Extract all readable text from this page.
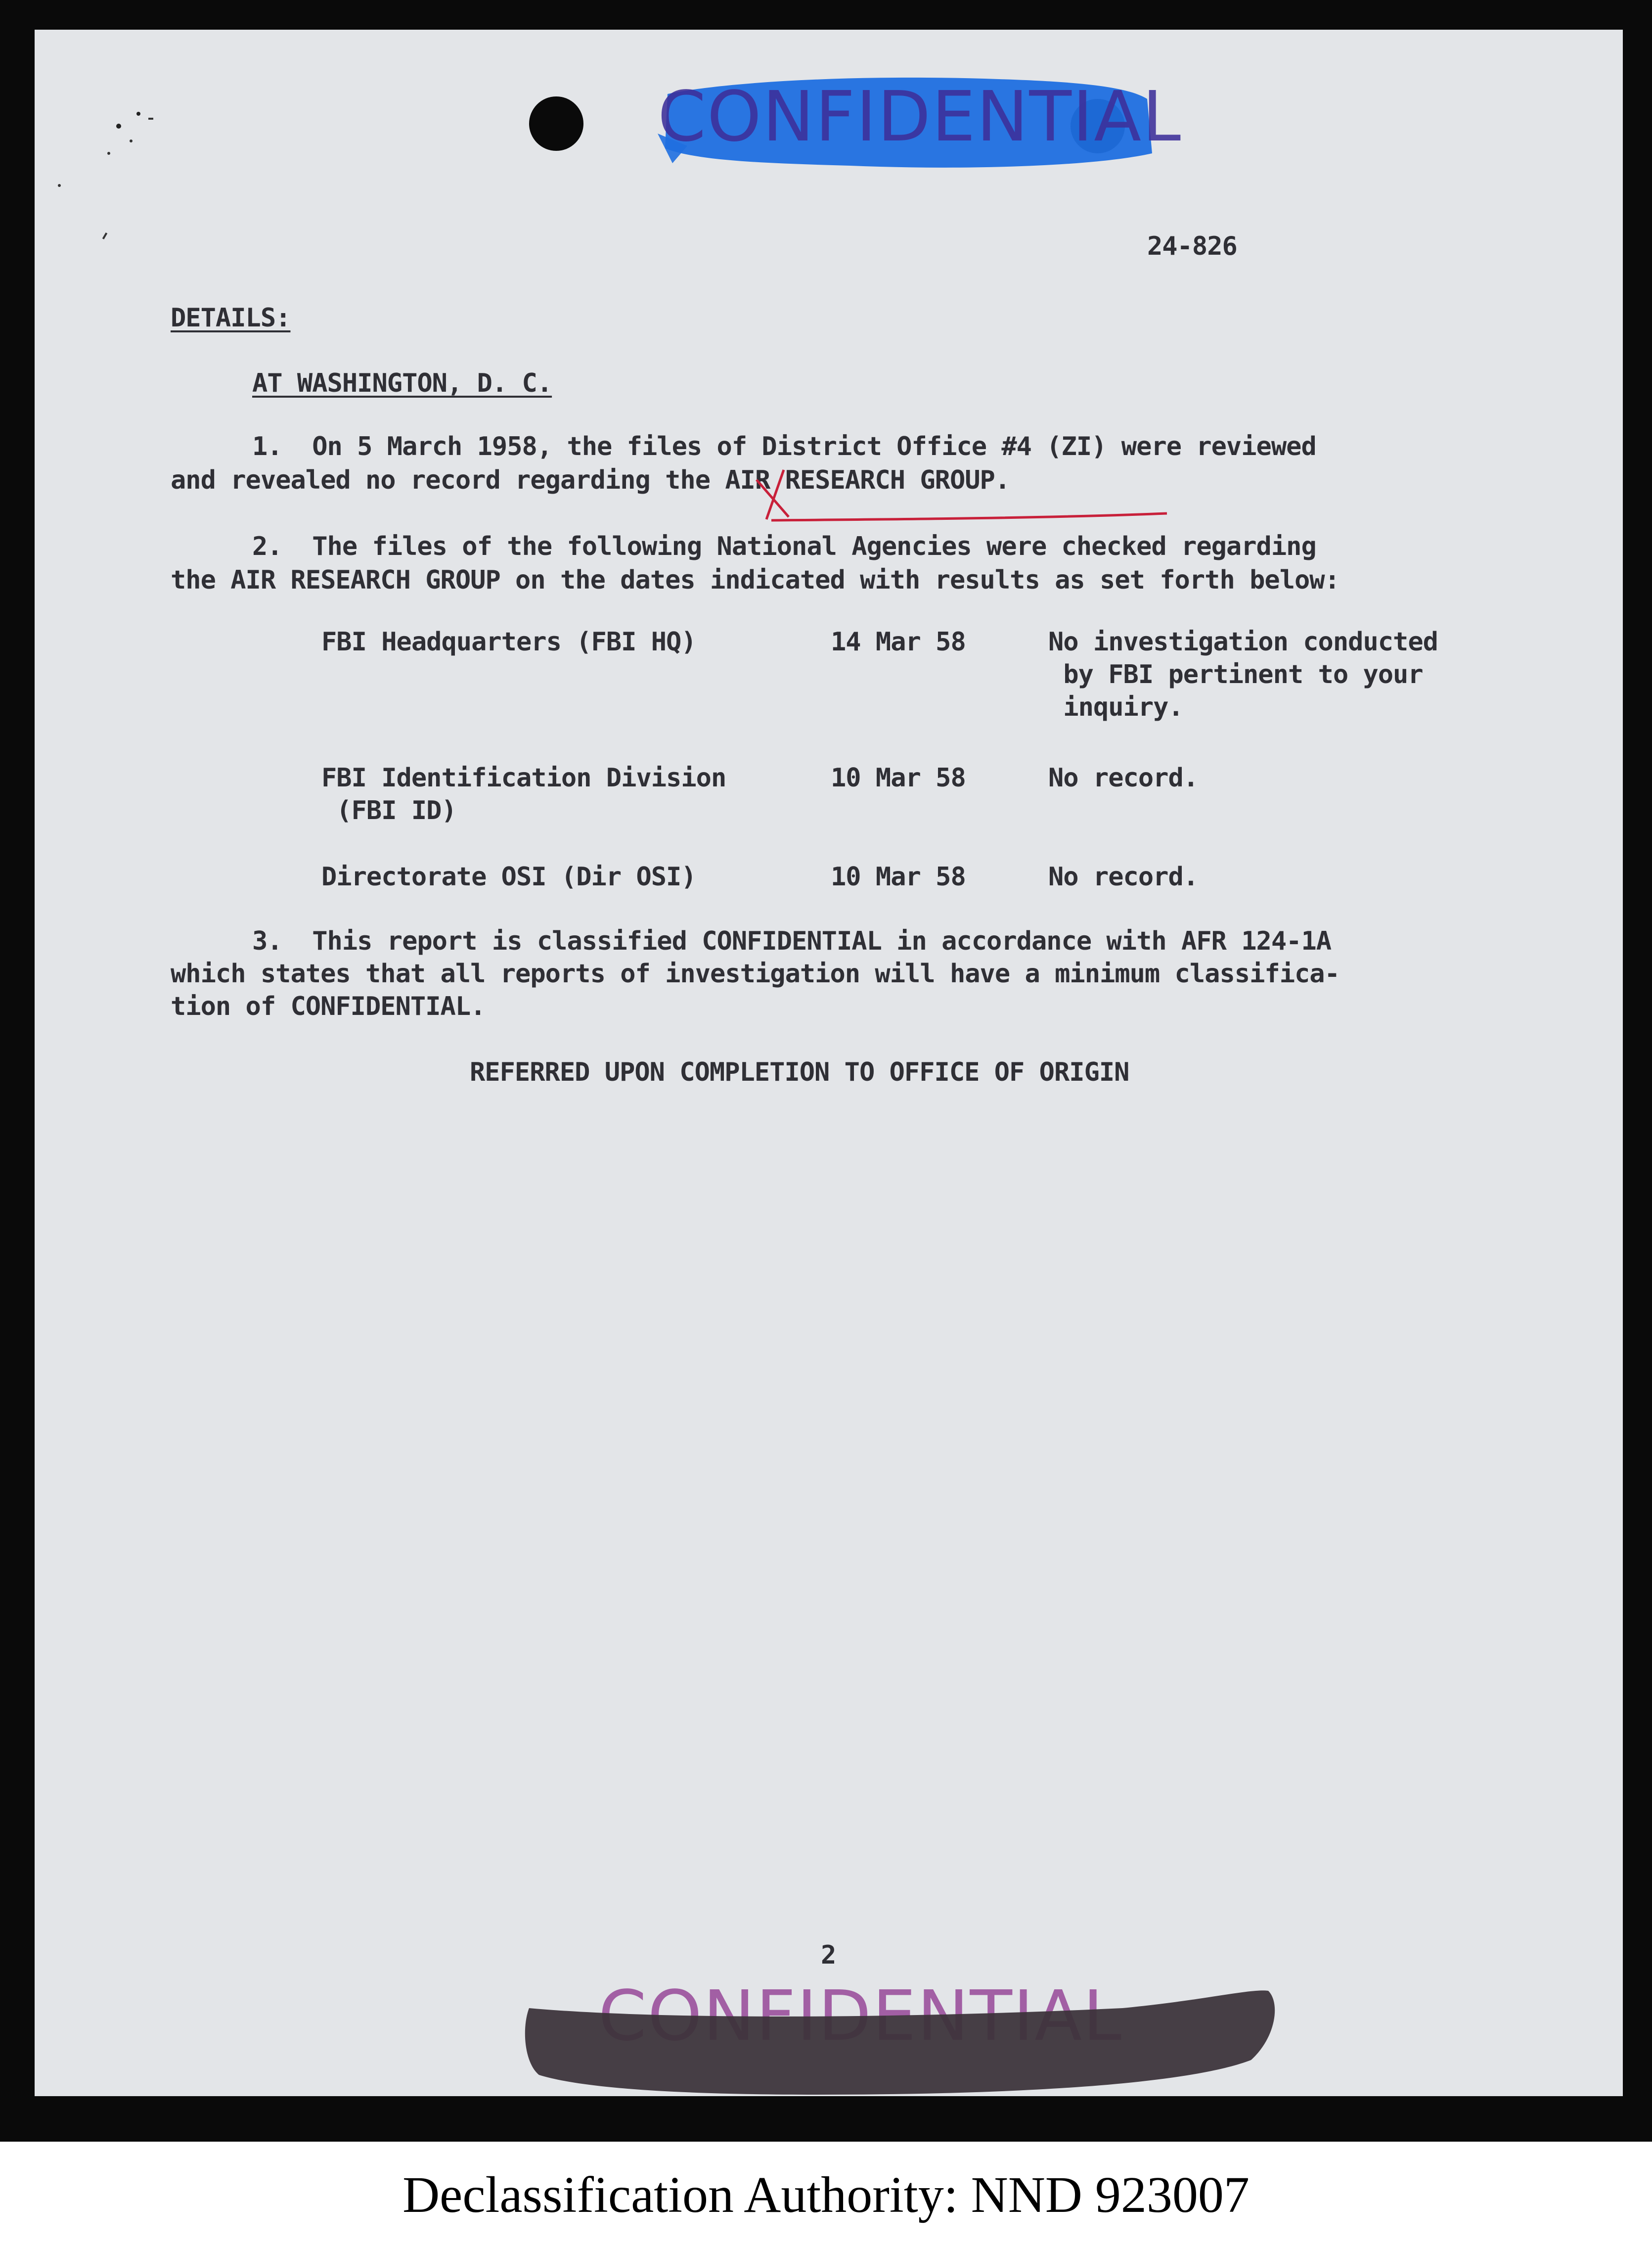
CONFIDENTIAL
24-826
DETAILS:
AT WASHINGTON, D. C.
1.  On 5 March 1958, the files of District Office #4 (ZI) were reviewed
and revealed no record regarding the AIR RESEARCH GROUP.
2.  The files of the following National Agencies were checked regarding
the AIR RESEARCH GROUP on the dates indicated with results as set forth below:
FBI Headquarters (FBI HQ)	14 Mar 58	No investigation conducted
by FBI pertinent to your
inquiry.
FBI Identification Division
(FBI ID)
10 Mar 58	No record.
Directorate OSI (Dir OSI)	10 Mar 58	No record.
3.  This report is classified CONFIDENTIAL in accordance with AFR 124-1A
which states that all reports of investigation will have a minimum classifica-
tion of CONFIDENTIAL.
REFERRED UPON COMPLETION TO OFFICE OF ORIGIN
2
Declassification Authority: NND 923007
